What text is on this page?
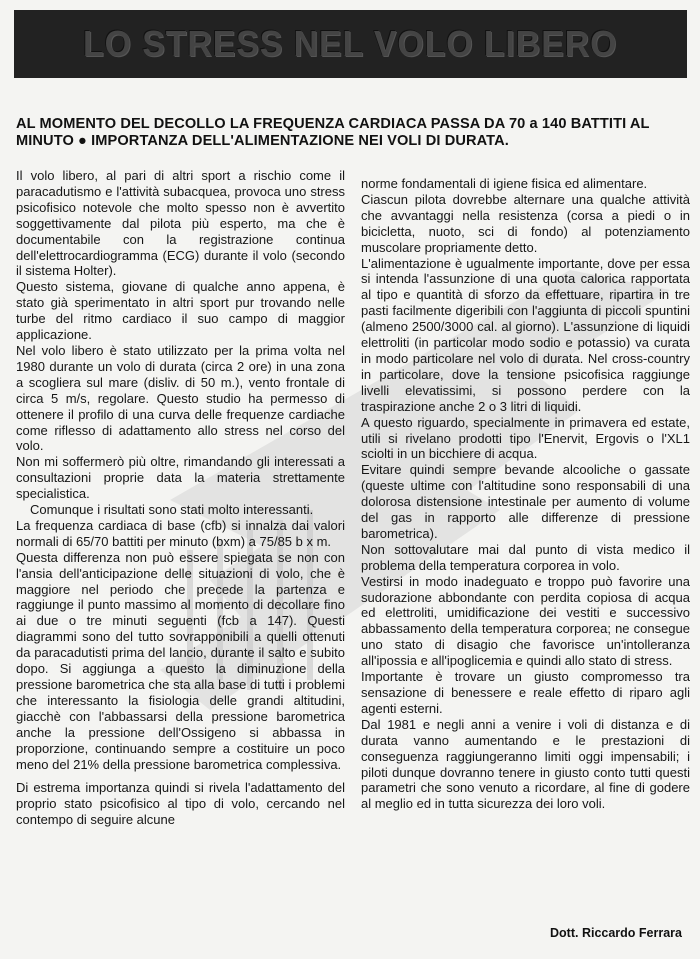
LO STRESS NEL VOLO LIBERO

AL MOMENTO DEL DECOLLO LA FREQUENZA CARDIACA PASSA DA 70 a 140 BATTITI AL MINUTO ● IMPORTANZA DELL'ALIMENTAZIONE NEI VOLI DI DURATA.

Il volo libero, al pari di altri sport a rischio come il paracadutismo e l'attività subacquea, provoca uno stress psicofisico notevole che molto spesso non è avvertito soggettivamente dal pilota più esperto, ma che è documentabile con la registrazione continua dell'elettrocardiogramma (ECG) durante il volo (secondo il sistema Holter).

Questo sistema, giovane di qualche anno appena, è stato già sperimentato in altri sport pur trovando nelle turbe del ritmo cardiaco il suo campo di maggior applicazione.

Nel volo libero è stato utilizzato per la prima volta nel 1980 durante un volo di durata (circa 2 ore) in una zona a scogliera sul mare (disliv. di 50 m.), vento frontale di circa 5 m/s, regolare. Questo studio ha permesso di ottenere il profilo di una curva delle frequenze cardiache come riflesso di adattamento allo stress nel corso del volo.

Non mi soffermerò più oltre, rimandando gli interessati a consultazioni proprie data la materia strettamente specialistica.

Comunque i risultati sono stati molto interessanti.

La frequenza cardiaca di base (cfb) si innalza dai valori normali di 65/70 battiti per minuto (bxm) a 75/85 b x m.

Questa differenza non può essere spiegata se non con l'ansia dell'anticipazione delle situazioni di volo, che è maggiore nel periodo che precede la partenza e raggiunge il punto massimo al momento di decollare fino ai due o tre minuti seguenti (fcb a 147). Questi diagrammi sono del tutto sovrapponibili a quelli ottenuti da paracadutisti prima del lancio, durante il salto e subito dopo. Si aggiunga a questo la diminuzione della pressione barometrica che sta alla base di tutti i problemi che interessanto la fisiologia delle grandi altitudini, giacchè con l'abbassarsi della pressione barometrica anche la pressione dell'Ossigeno si abbassa in proporzione, continuando sempre a costituire un poco meno del 21% della pressione barometrica complessiva.

Di estrema importanza quindi si rivela l'adattamento del proprio stato psicofisico al tipo di volo, cercando nel contempo di seguire alcune

norme fondamentali di igiene fisica ed alimentare.

Ciascun pilota dovrebbe alternare una qualche attività che avvantaggi nella resistenza (corsa a piedi o in bicicletta, nuoto, sci di fondo) al potenziamento muscolare propriamente detto.

L'alimentazione è ugualmente importante, dove per essa si intenda l'assunzione di una quota calorica rapportata al tipo e quantità di sforzo da effettuare, ripartira in tre pasti facilmente digeribili con l'aggiunta di piccoli spuntini (almeno 2500/3000 cal. al giorno). L'assunzione di liquidi elettroliti (in particolar modo sodio e potassio) va curata in modo particolare nel volo di durata. Nel cross-country in particolare, dove la tensione psicofisica raggiunge livelli elevatissimi, si possono perdere con la traspirazione anche 2 o 3 litri di liquidi.

A questo riguardo, specialmente in primavera ed estate, utili si rivelano prodotti tipo l'Enervit, Ergovis o l'XL1 sciolti in un bicchiere di acqua.

Evitare quindi sempre bevande alcooliche o gassate (queste ultime con l'altitudine sono responsabili di una dolorosa distensione intestinale per aumento di volume del gas in rapporto alle differenze di pressione barometrica).

Non sottovalutare mai dal punto di vista medico il problema della temperatura corporea in volo.

Vestirsi in modo inadeguato e troppo può favorire una sudorazione abbondante con perdita copiosa di acqua ed elettroliti, umidificazione dei vestiti e successivo abbassamento della temperatura corporea; ne consegue uno stato di disagio che favorisce un'intolleranza all'ipossia e all'ipoglicemia e quindi allo stato di stress.

Importante è trovare un giusto compromesso tra sensazione di benessere e reale effetto di riparo agli agenti esterni.

Dal 1981 e negli anni a venire i voli di distanza e di durata vanno aumentando e le prestazioni di conseguenza raggiungeranno limiti oggi impensabili; i piloti dunque dovranno tenere in giusto conto tutti questi parametri che sono venuto a ricordare, al fine di godere al meglio ed in tutta sicurezza dei loro voli.

Dott. Riccardo Ferrara
